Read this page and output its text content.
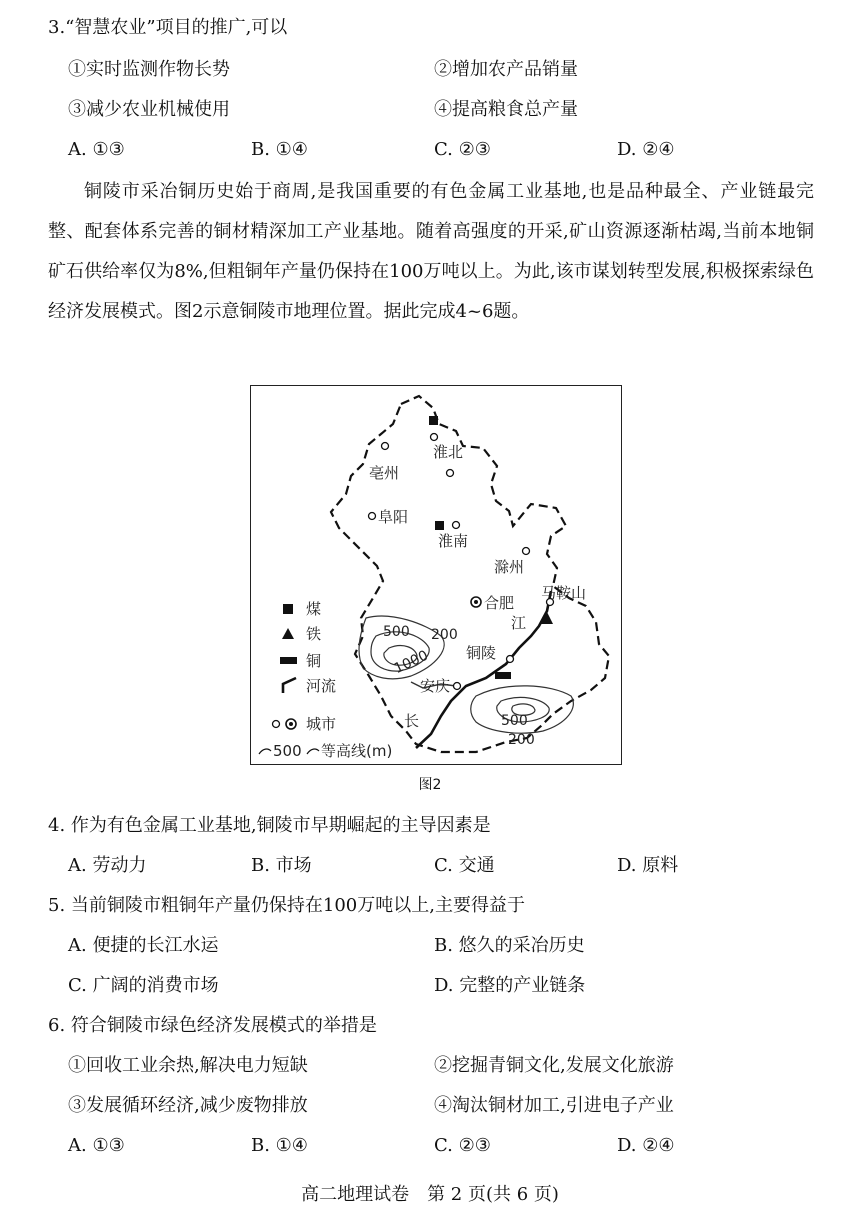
3.“智慧农业”项目的推广,可以
①实时监测作物长势	②增加农产品销量
③减少农业机械使用	④提高粮食总产量
A. ①③	B. ①④	C. ②③	D. ②④
铜陵市采冶铜历史始于商周,是我国重要的有色金属工业基地,也是品种最全、产业链最完整、配套体系完善的铜材精深加工产业基地。随着高强度的开采,矿山资源逐渐枯竭,当前本地铜矿石供给率仅为8%,但粗铜年产量仍保持在100万吨以上。为此,该市谋划转型发展,积极探索绿色经济发展模式。图2示意铜陵市地理位置。据此完成4~6题。
淮北
亳州
阜阳
淮南
滁州
合肥
马鞍山
铜陵
安庆
江
长
500 200
1000
500
200
煤
铁
铜
河流
城市
500 等高线(m)
图2
4. 作为有色金属工业基地,铜陵市早期崛起的主导因素是
A. 劳动力	B. 市场	C. 交通	D. 原料
5. 当前铜陵市粗铜年产量仍保持在100万吨以上,主要得益于
A. 便捷的长江水运	B. 悠久的采冶历史
C. 广阔的消费市场	D. 完整的产业链条
6. 符合铜陵市绿色经济发展模式的举措是
①回收工业余热,解决电力短缺	②挖掘青铜文化,发展文化旅游
③发展循环经济,减少废物排放	④淘汰铜材加工,引进电子产业
A. ①③	B. ①④	C. ②③	D. ②④
高二地理试卷　第 2 页(共 6 页)
